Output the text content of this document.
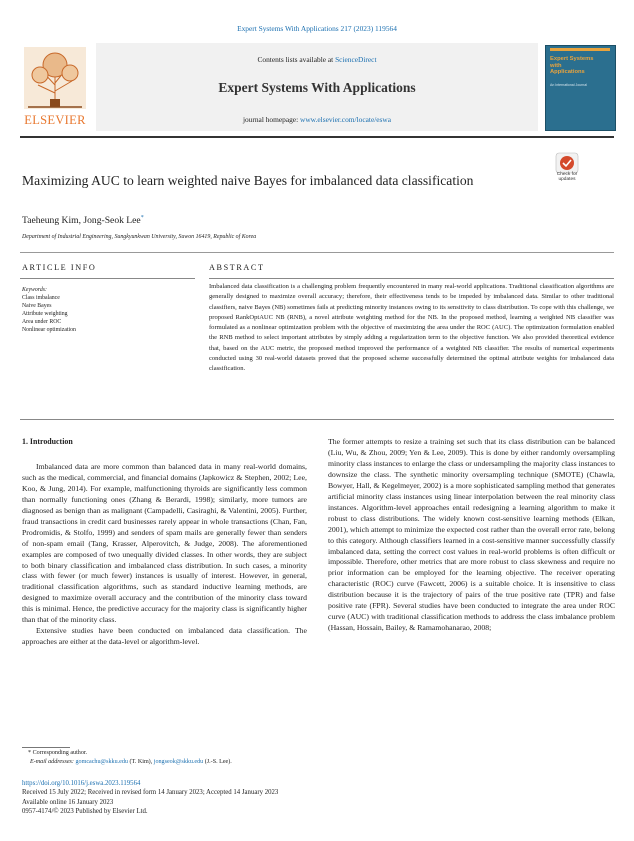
Expert Systems With Applications 217 (2023) 119564
ELSEVIER
Contents lists available at ScienceDirect
Expert Systems With Applications
journal homepage: www.elsevier.com/locate/eswa
Expert Systems with Applications
An International Journal
Maximizing AUC to learn weighted naive Bayes for imbalanced data classification	Check for updates
Taeheung Kim, Jong-Seok Lee*
Department of Industrial Engineering, Sungkyunkwan University, Suwon 16419, Republic of Korea
ARTICLE INFO	ABSTRACT
Keywords:
Class imbalance
Naive Bayes
Attribute weighting
Area under ROC
Nonlinear optimization
Imbalanced data classification is a challenging problem frequently encountered in many real-world applications. Traditional classification algorithms are generally designed to maximize overall accuracy; therefore, their effectiveness tends to be impeded by imbalanced data. Similar to other traditional classifiers, naive Bayes (NB) sometimes fails at predicting minority instances owing to its sensitivity to class distribution. To cope with this challenge, we proposed RankOptAUC NB (RNB), a novel attribute weighting method for the NB. In the proposed method, learning a weighted NB classifier was formulated as a nonlinear optimization problem with the objective of maximizing the area under the ROC (AUC). The optimization formulation enabled the RNB method to select important attributes by simply adding a regularization term to the objective function. We also provided theoretical evidence that, based on the AUC metric, the proposed method improved the performance of a weighted NB classifier. The results of numerical experiments conducted using 30 real-world datasets proved that the proposed scheme successfully determined the optimal attribute weights for imbalanced data classification.
1. Introduction

Imbalanced data are more common than balanced data in many real-world domains, such as the medical, commercial, and financial domains (Japkowicz & Stephen, 2002; Lee, Koo, & Jung, 2014). For example, malfunctioning thyroids are significantly less common than normally functioning ones (Zhang & Berardi, 1998); similarly, more tumors are diagnosed as benign than as malignant (Campadelli, Casiraghi, & Valentini, 2005). Further, fraud transactions in credit card businesses rarely appear in whole transactions (Chan, Fan, Prodromidis, & Stolfo, 1999) and senders of spam mails are generally fewer than senders of non-spam email (Tang, Krasser, Alperovitch, & Judge, 2008). The aforementioned examples are composed of two unequally divided classes. In other words, they are subject to both binary classification and imbalanced class distribution. In such cases, a minority class with fewer (or much fewer) instances is usually of interest. However, in general, traditional classification algorithms, such as standard inductive learning methods, are designed to maximize overall accuracy and the contribution of the minority class toward this is minimal. Hence, the predictive accuracy for the majority class is significantly higher than that of the minority class.

Extensive studies have been conducted on imbalanced data classification. The approaches are either at the data-level or algorithm-level.

The former attempts to resize a training set such that its class distribution can be balanced (Liu, Wu, & Zhou, 2009; Yen & Lee, 2009). This is done by either randomly oversampling minority class instances to enlarge the class or undersampling the majority class instances to downsize the class. The synthetic minority oversampling technique (SMOTE) (Chawla, Bowyer, Hall, & Kegelmeyer, 2002) is a more sophisticated sampling method that generates artificial minority class instances using linear interpolation between the real minority class instances. Algorithm-level approaches entail redesigning a learning algorithm to make it robust to class distributions. The widely known cost-sensitive learning methods (Elkan, 2001), which attempt to minimize the expected cost rather than the overall error rate, belong to this category. Although classifiers learned in a cost-sensitive manner successfully classify imbalanced data, setting the correct cost values in real-world problems is often difficult or impossible. Therefore, other metrics that are more robust to class skewness and require no prior information can be employed for the learning objective. The receiver operating characteristic (ROC) curve (Fawcett, 2006) is a suitable choice. It is insensitive to class distribution because it is the trajectory of pairs of the true positive rate (TPR) and false positive rate (FPR). Several studies have been conducted to integrate the area under ROC curve (AUC) with traditional classification methods to address the class imbalance problem (Hassan, Hossain, Bailey, & Ramamohanarao, 2008;

* Corresponding author.
E-mail addresses: gomcachu@skku.edu (T. Kim), jongseok@skku.edu (J.-S. Lee).
https://doi.org/10.1016/j.eswa.2023.119564
Received 15 July 2022; Received in revised form 14 January 2023; Accepted 14 January 2023
Available online 16 January 2023
0957-4174/© 2023 Published by Elsevier Ltd.
